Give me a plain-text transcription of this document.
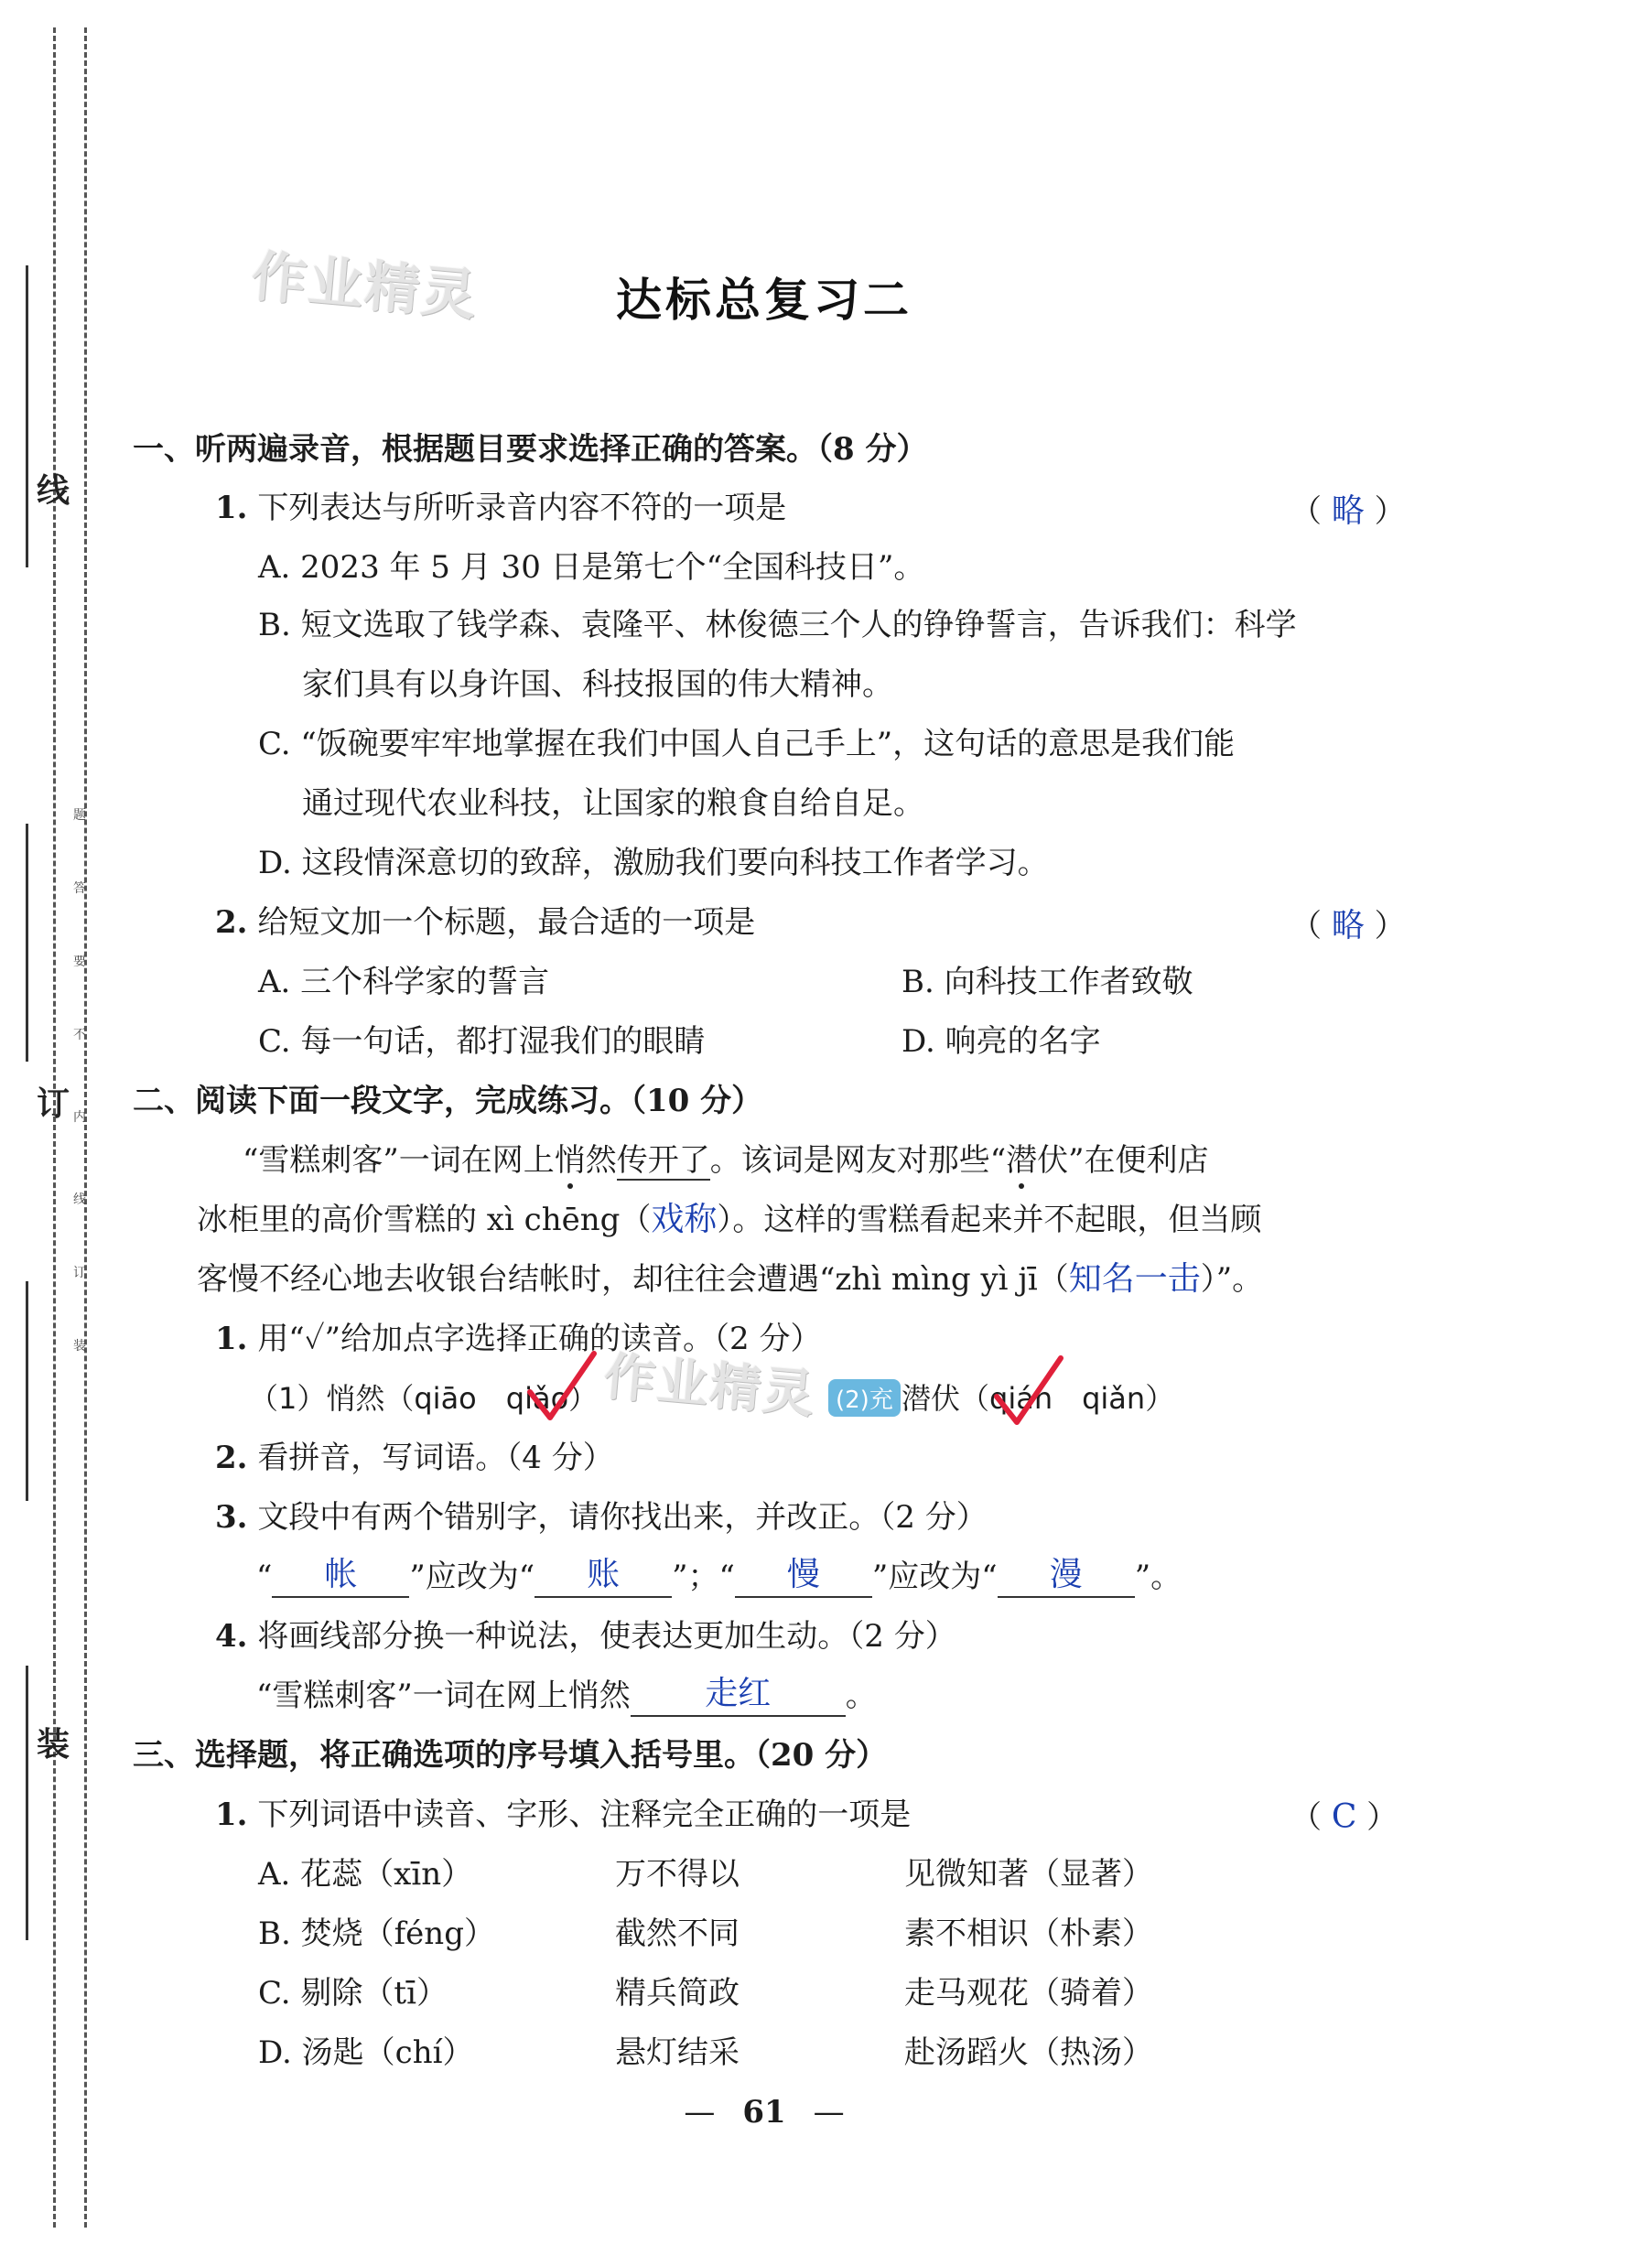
线
订
装
题
答
要
不
内
线
订
装
作业精灵
作业精灵
达标总复习二
一、听两遍录音，根据题目要求选择正确的答案。（8 分）
1. 下列表达与所听录音内容不符的一项是	（ 略 ）
A. 2023 年 5 月 30 日是第七个“全国科技日”。
B. 短文选取了钱学森、袁隆平、林俊德三个人的铮铮誓言，告诉我们：科学
家们具有以身许国、科技报国的伟大精神。
C. “饭碗要牢牢地掌握在我们中国人自己手上”，这句话的意思是我们能
通过现代农业科技，让国家的粮食自给自足。
D. 这段情深意切的致辞，激励我们要向科技工作者学习。
2. 给短文加一个标题，最合适的一项是	（ 略 ）
A. 三个科学家的誓言	B. 向科技工作者致敬
C. 每一句话，都打湿我们的眼睛	D. 响亮的名字
二、阅读下面一段文字，完成练习。（10 分）
“雪糕刺客”一词在网上悄然传开了。该词是网友对那些“潜伏”在便利店
冰柜里的高价雪糕的 xì chēng（戏称）。这样的雪糕看起来并不起眼，但当顾
客慢不经心地去收银台结帐时，却往往会遭遇“zhì mìng yì jī（知名一击）”。
1. 用“✓”给加点字选择正确的读音。（2 分）
（1）悄然（qiāo　qiǎo）	(2)充 潜伏（qián　qiǎn）
2. 看拼音，写词语。（4 分）
3. 文段中有两个错别字，请你找出来，并改正。（2 分）
“ 帐 ”应改为“ 账 ”；“ 慢 ”应改为“ 漫 ”。
4. 将画线部分换一种说法，使表达更加生动。（2 分）
“雪糕刺客”一词在网上悄然 走红 。
三、选择题，将正确选项的序号填入括号里。（20 分）
1. 下列词语中读音、字形、注释完全正确的一项是	（ C ）
A. 花蕊（xīn）	万不得以	见微知著（显著）
B. 焚烧（féng）	截然不同	素不相识（朴素）
C. 剔除（tī）	精兵简政	走马观花（骑着）
D. 汤匙（chí）	悬灯结采	赴汤蹈火（热汤）
— 61 —
